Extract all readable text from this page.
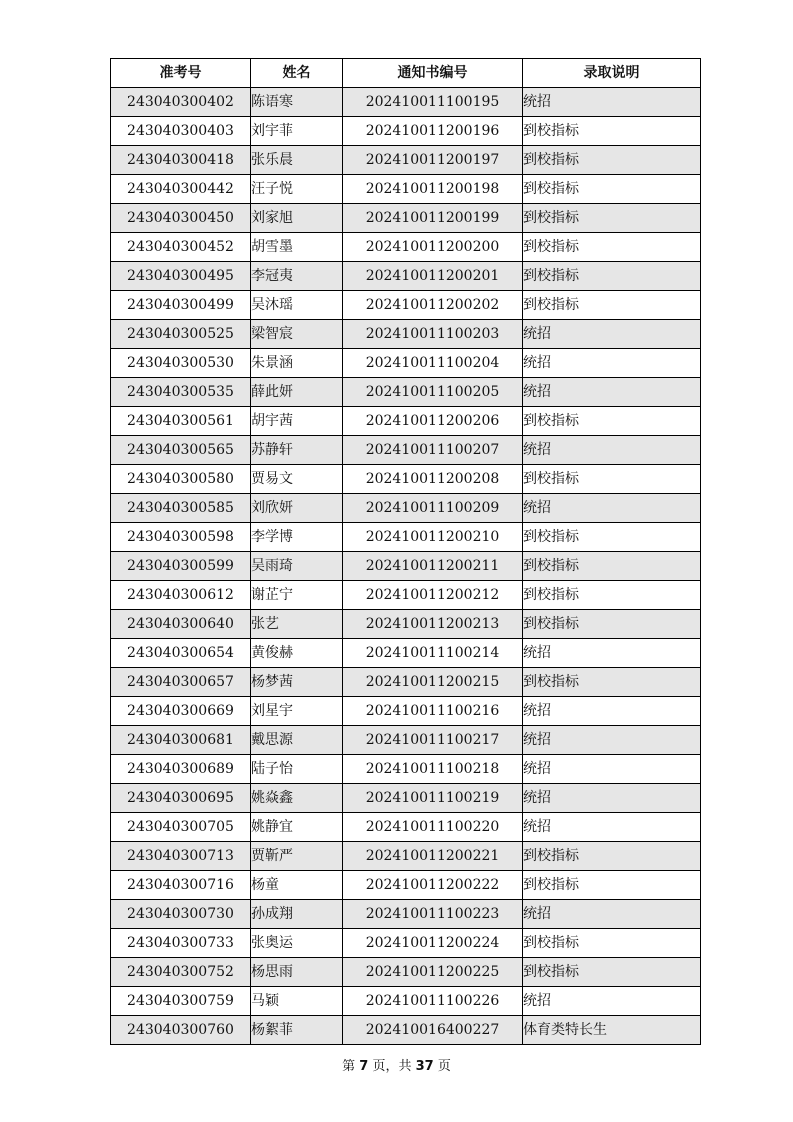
准考号	姓名	通知书编号	录取说明
243040300402	陈语寒	202410011100195	统招
243040300403	刘宇菲	202410011200196	到校指标
243040300418	张乐晨	202410011200197	到校指标
243040300442	汪子悦	202410011200198	到校指标
243040300450	刘家旭	202410011200199	到校指标
243040300452	胡雪墨	202410011200200	到校指标
243040300495	李冠夷	202410011200201	到校指标
243040300499	吴沐瑶	202410011200202	到校指标
243040300525	梁智宸	202410011100203	统招
243040300530	朱景涵	202410011100204	统招
243040300535	薛此妍	202410011100205	统招
243040300561	胡宇茜	202410011200206	到校指标
243040300565	苏静轩	202410011100207	统招
243040300580	贾易文	202410011200208	到校指标
243040300585	刘欣妍	202410011100209	统招
243040300598	李学博	202410011200210	到校指标
243040300599	吴雨琦	202410011200211	到校指标
243040300612	谢芷宁	202410011200212	到校指标
243040300640	张艺	202410011200213	到校指标
243040300654	黄俊赫	202410011100214	统招
243040300657	杨梦茜	202410011200215	到校指标
243040300669	刘星宇	202410011100216	统招
243040300681	戴思源	202410011100217	统招
243040300689	陆子怡	202410011100218	统招
243040300695	姚焱鑫	202410011100219	统招
243040300705	姚静宜	202410011100220	统招
243040300713	贾靳严	202410011200221	到校指标
243040300716	杨童	202410011200222	到校指标
243040300730	孙成翔	202410011100223	统招
243040300733	张奥运	202410011200224	到校指标
243040300752	杨思雨	202410011200225	到校指标
243040300759	马颖	202410011100226	统招
243040300760	杨絮菲	202410016400227	体育类特长生
第 7 页，共 37 页
